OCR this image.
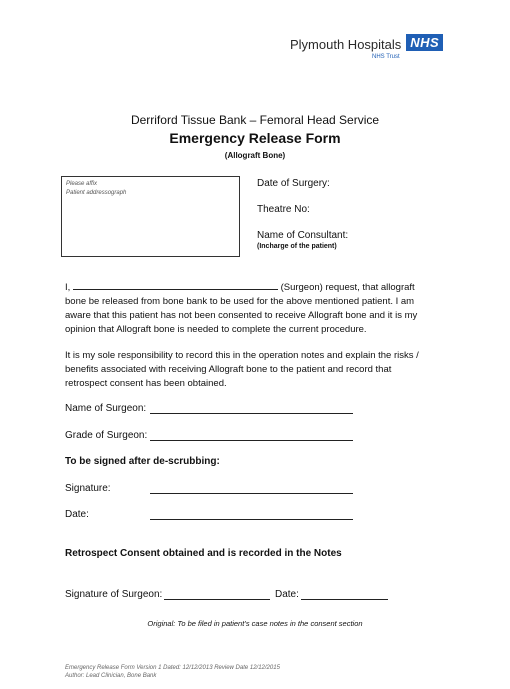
Plymouth Hospitals NHS
NHS Trust
Derriford Tissue Bank – Femoral Head Service
Emergency Release Form
(Allograft Bone)
Please affix
Patient addressograph
Date of Surgery:
Theatre No:
Name of Consultant:
(Incharge of the patient)
I,	(Surgeon) request, that allograft
bone be released from bone bank to be used for the above mentioned patient. I am
aware that this patient has not been consented to receive Allograft bone and it is my
opinion that Allograft bone is needed to complete the current procedure.
It is my sole responsibility to record this in the operation notes and explain the risks /
benefits associated with receiving Allograft bone to the patient and record that
retrospect consent has been obtained.
Name of Surgeon:
Grade of Surgeon:
To be signed after de-scrubbing:
Signature:
Date:
Retrospect Consent obtained and is recorded in the Notes
Signature of Surgeon:	Date:
Original: To be filed in patient’s case notes in the consent section
Emergency Release Form Version 1 Dated: 12/12/2013 Review Date 12/12/2015
Author: Lead Clinician, Bone Bank
